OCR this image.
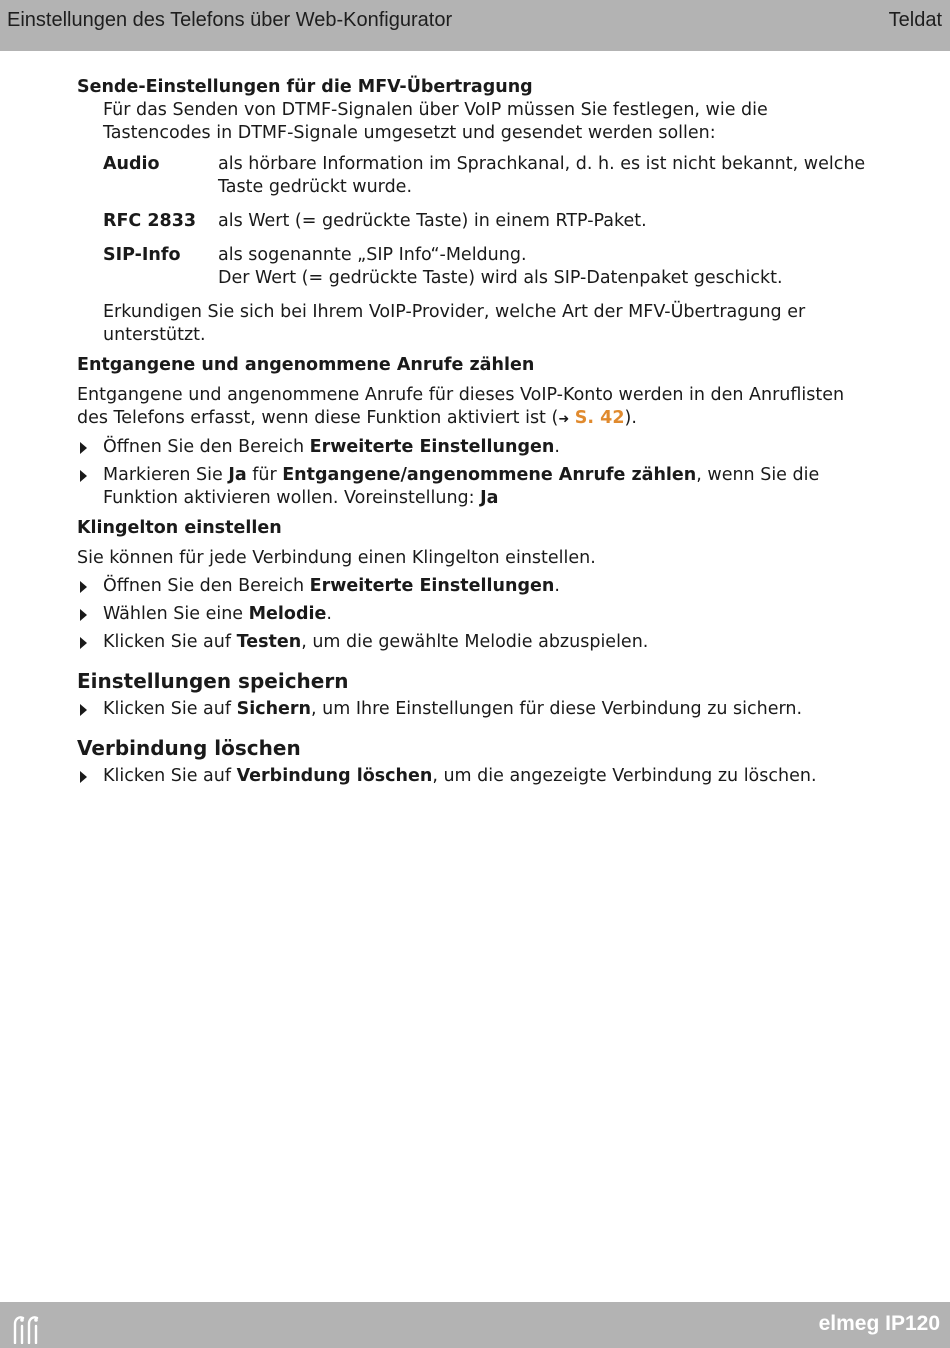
Einstellungen des Telefons über Web-Konfigurator	Teldat

Sende-Einstellungen für die MFV-Übertragung

Für das Senden von DTMF-Signalen über VoIP müssen Sie festlegen, wie die Tastencodes in DTMF-Signale umgesetzt und gesendet werden sollen:

Audio	als hörbare Information im Sprachkanal, d. h. es ist nicht bekannt, welche Taste gedrückt wurde.
RFC 2833	als Wert (= gedrückte Taste) in einem RTP-Paket.
SIP-Info	als sogenannte „SIP Info“-Meldung.
Der Wert (= gedrückte Taste) wird als SIP-Datenpaket geschickt.

Erkundigen Sie sich bei Ihrem VoIP-Provider, welche Art der MFV-Übertragung er unterstützt.

Entgangene und angenommene Anrufe zählen

Entgangene und angenommene Anrufe für dieses VoIP-Konto werden in den Anruflisten des Telefons erfasst, wenn diese Funktion aktiviert ist (➜ S. 42).

Öffnen Sie den Bereich Erweiterte Einstellungen.
Markieren Sie Ja für Entgangene/angenommene Anrufe zählen, wenn Sie die Funktion aktivieren wollen. Voreinstellung: Ja

Klingelton einstellen

Sie können für jede Verbindung einen Klingelton einstellen.

Öffnen Sie den Bereich Erweiterte Einstellungen.
Wählen Sie eine Melodie.
Klicken Sie auf Testen, um die gewählte Melodie abzuspielen.

Einstellungen speichern

Klicken Sie auf Sichern, um Ihre Einstellungen für diese Verbindung zu sichern.

Verbindung löschen

Klicken Sie auf Verbindung löschen, um die angezeigte Verbindung zu löschen.
elmeg IP120
